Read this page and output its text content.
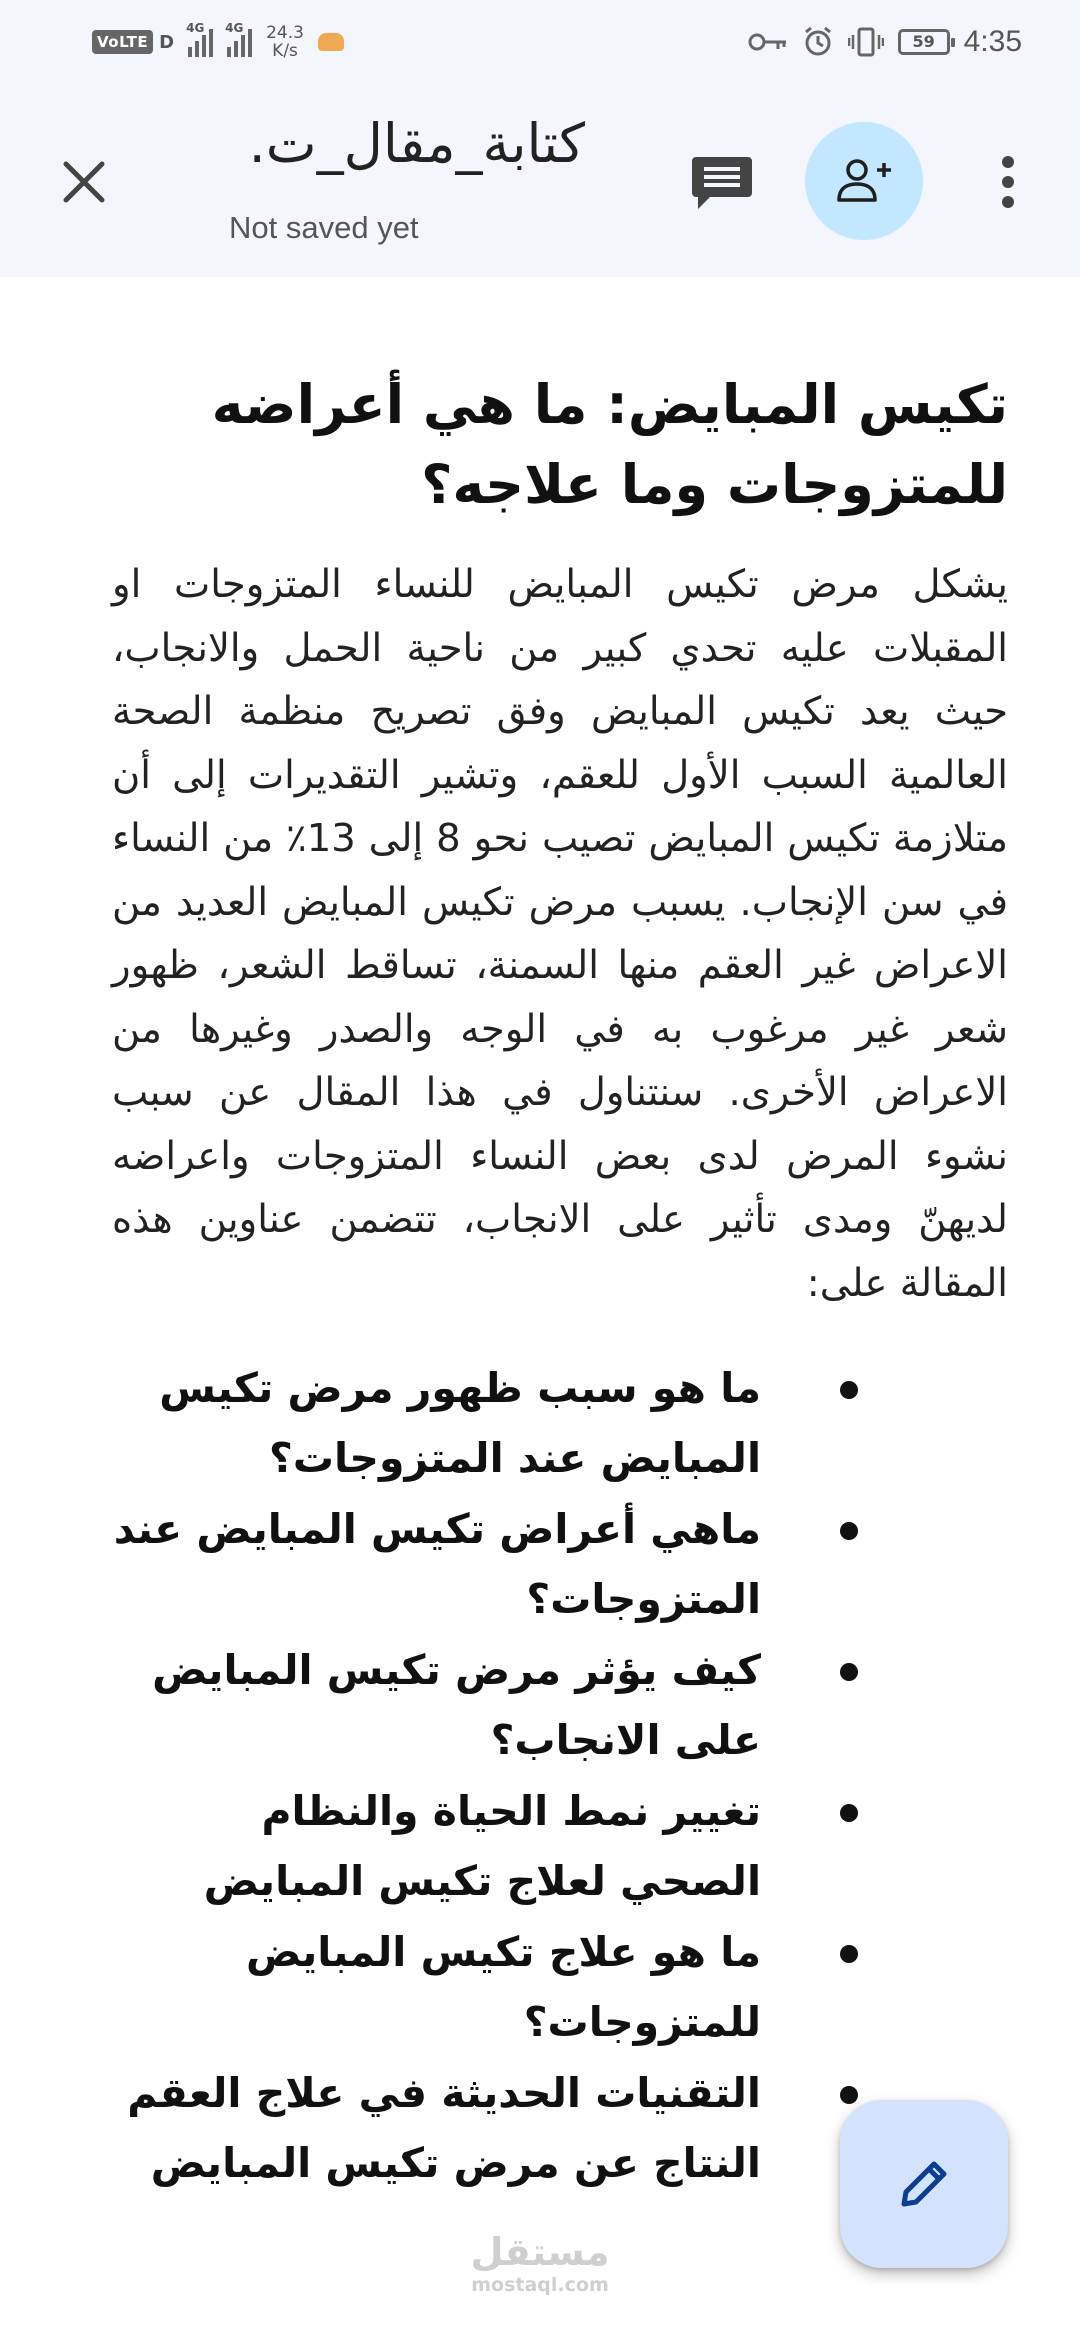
VoLTE D
4G 4G 24.3
K/s	59 4:35
كتابة_مقال_ت.
Not saved yet
تكيس المبايض: ما هي أعراضه للمتزوجات وما علاجه؟

يشكل مرض تكيس المبايض للنساء المتزوجات او المقبلات عليه تحدي كبير من ناحية الحمل والانجاب، حيث يعد تكيس المبايض وفق تصريح منظمة الصحة العالمية السبب الأول للعقم، وتشير التقديرات إلى أن متلازمة تكيس المبايض تصيب نحو 8 إلى 13٪ من النساء في سن الإنجاب. يسبب مرض تكيس المبايض العديد من الاعراض غير العقم منها السمنة، تساقط الشعر، ظهور شعر غير مرغوب به في الوجه والصدر وغيرها من الاعراض الأخرى. سنتناول في هذا المقال عن سبب نشوء المرض لدى بعض النساء المتزوجات واعراضه لديهنّ ومدى تأثير على الانجاب، تتضمن عناوين هذه المقالة على:

ما هو سبب ظهور مرض تكيس المبايض عند المتزوجات؟
ماهي أعراض تكيس المبايض عند المتزوجات؟
كيف يؤثر مرض تكيس المبايض على الانجاب؟
تغيير نمط الحياة والنظام الصحي لعلاج تكيس المبايض
ما هو علاج تكيس المبايض للمتزوجات؟
التقنيات الحديثة في علاج العقم النتاج عن مرض تكيس المبايض
مستقل
mostaql.com
